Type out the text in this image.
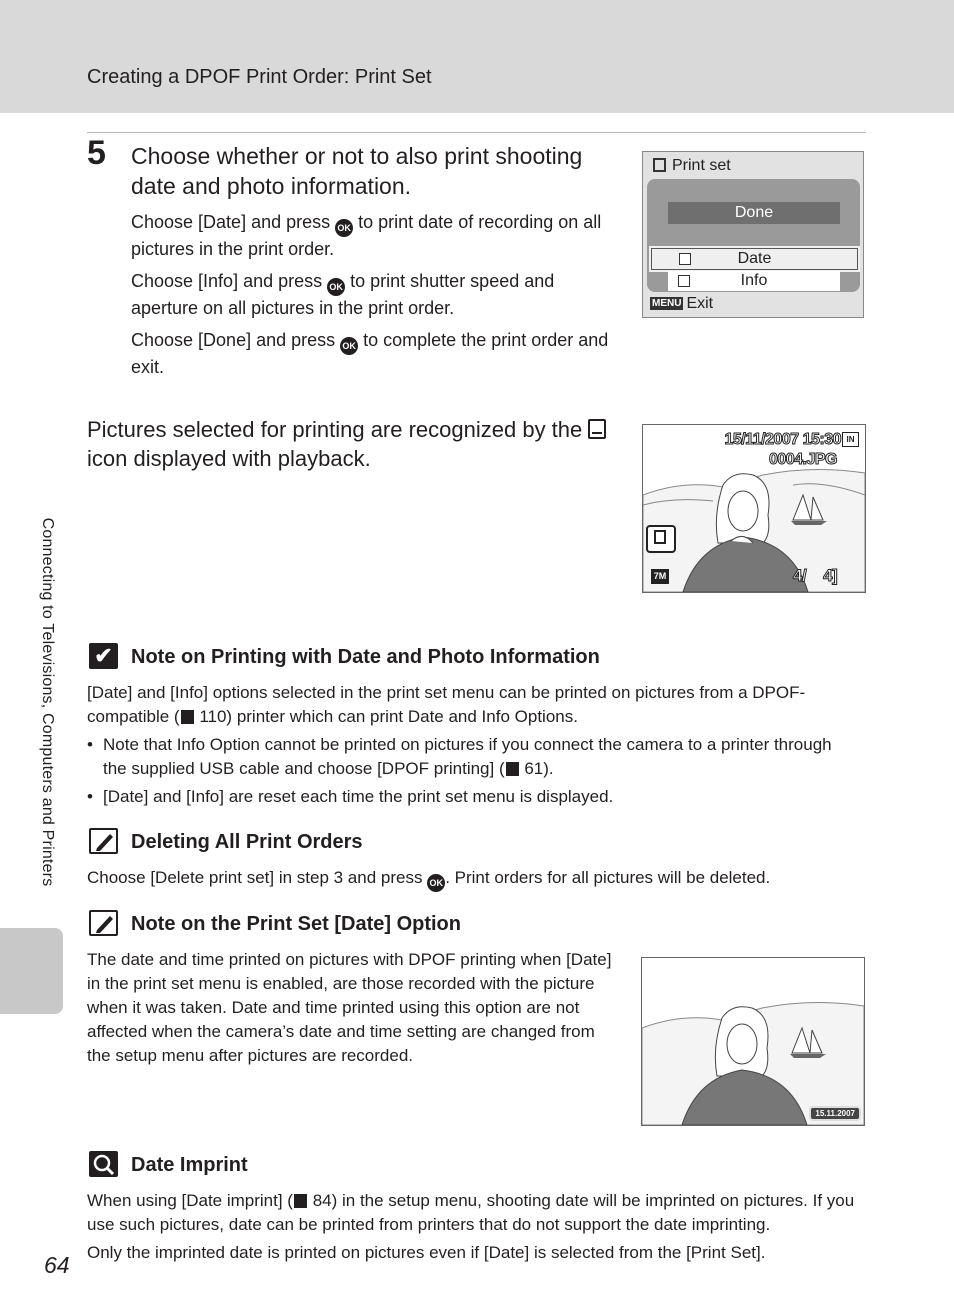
Creating a DPOF Print Order: Print Set
Connecting to Televisions, Computers and Printers
64
5 Choose whether or not to also print shooting date and photo information.
Choose [Date] and press OK to print date of recording on all pictures in the print order.
Choose [Info] and press OK to print shutter speed and aperture on all pictures in the print order.
Choose [Done] and press OK to complete the print order and exit.
Print set
Done
Date
Info
MENU Exit
Pictures selected for printing are recognized by the
icon displayed with playback.
15/11/2007 15:30 IN
0004.JPG
7M	4/    4]
✔ Note on Printing with Date and Photo Information
[Date] and [Info] options selected in the print set menu can be printed on pictures from a DPOF-compatible ( 110) printer which can print Date and Info Options.
• Note that Info Option cannot be printed on pictures if you connect the camera to a printer through the supplied USB cable and choose [DPOF printing] ( 61).
• [Date] and [Info] are reset each time the print set menu is displayed.
Deleting All Print Orders
Choose [Delete print set] in step 3 and press OK . Print orders for all pictures will be deleted.
Note on the Print Set [Date] Option
The date and time printed on pictures with DPOF printing when [Date] in the print set menu is enabled, are those recorded with the picture when it was taken. Date and time printed using this option are not affected when the camera’s date and time setting are changed from the setup menu after pictures are recorded.
15.11.2007
Date Imprint
When using [Date imprint] ( 84) in the setup menu, shooting date will be imprinted on pictures. If you use such pictures, date can be printed from printers that do not support the date imprinting.
Only the imprinted date is printed on pictures even if [Date] is selected from the [Print Set].
